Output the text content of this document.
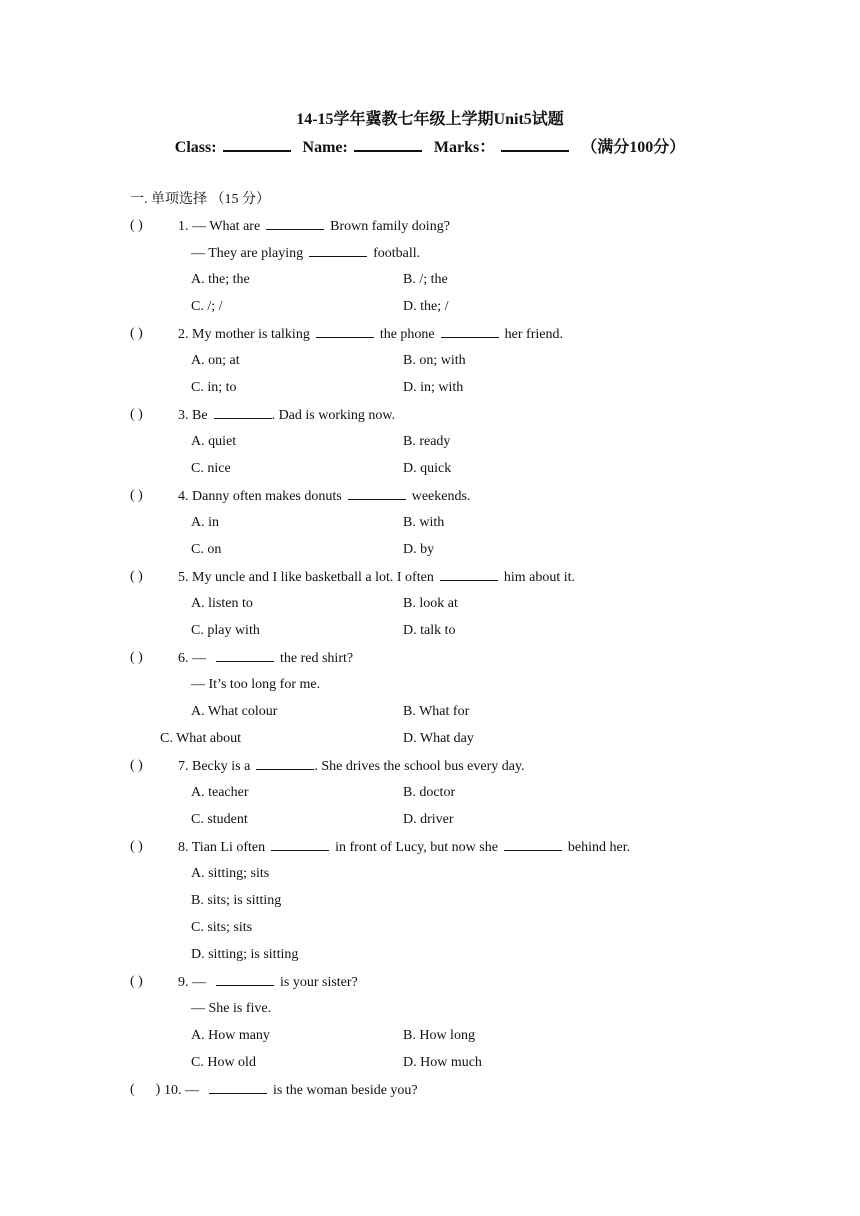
14-15学年冀教七年级上学期Unit5试题
Class:	Name:	Marks：	（满分100分）
一. 单项选择 （15 分）
( )	1. — What are	Brown family doing?
— They are playing	football.
A. the; the	B. /; the
C. /; /	D. the; /
( )	2. My mother is talking	the phone	her friend.
A. on; at	B. on; with
C. in; to	D. in; with
( )	3. Be	. Dad is working now.
A. quiet	B. ready
C. nice	D. quick
( )	4. Danny often makes donuts	weekends.
A. in	B. with
C. on	D. by
( )	5. My uncle and I like basketball a lot. I often	him about it.
A. listen to	B. look at
C. play with	D. talk to
( )	6. —	the red shirt?
— It’s too long for me.
A. What colour	B. What for
C. What about	D. What day
( )	7. Becky is a	. She drives the school bus every day.
A. teacher	B. doctor
C. student	D. driver
( )	8. Tian Li often	in front of Lucy, but now she	behind her.
A. sitting; sits
B. sits; is sitting
C. sits; sits
D. sitting; is sitting
( )	9. —	is your sister?
— She is five.
A. How many	B. How long
C. How old	D. How much
(      ) 10. —	is the woman beside you?
